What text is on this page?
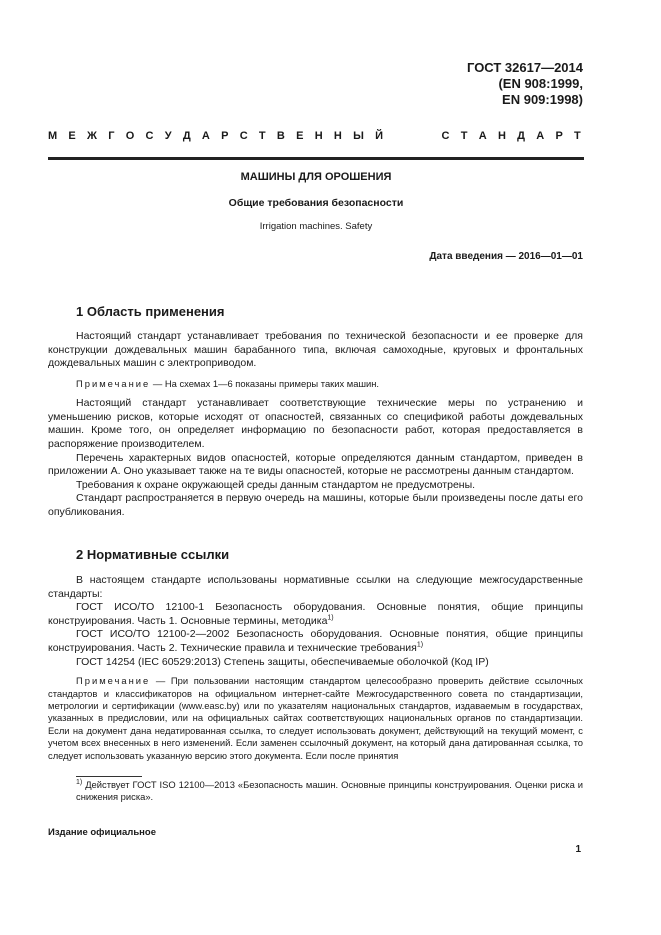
ГОСТ 32617—2014
(EN 908:1999,
EN 909:1998)
М Е Ж Г О С У Д А Р С Т В Е Н Н Ы Й	С Т А Н Д А Р Т
МАШИНЫ ДЛЯ ОРОШЕНИЯ
Общие требования безопасности
Irrigation machines. Safety
Дата введения — 2016—01—01
1 Область применения

Настоящий стандарт устанавливает требования по технической безопасности и ее проверке для конструкции дождевальных машин барабанного типа, включая самоходные, круговых и фронтальных дождевальных машин с электроприводом.

Примечание — На схемах 1—6 показаны примеры таких машин.

Настоящий стандарт устанавливает соответствующие технические меры по устранению и уменьшению рисков, которые исходят от опасностей, связанных со спецификой работы дождевальных машин. Кроме того, он определяет информацию по безопасности работ, которая предоставляется в распоряжение производителем.

Перечень характерных видов опасностей, которые определяются данным стандартом, приведен в приложении А. Оно указывает также на те виды опасностей, которые не рассмотрены данным стандартом.

Требования к охране окружающей среды данным стандартом не предусмотрены.

Стандарт распространяется в первую очередь на машины, которые были произведены после даты его опубликования.

2 Нормативные ссылки

В настоящем стандарте использованы нормативные ссылки на следующие межгосударственные стандарты:

ГОСТ ИСО/ТО 12100-1 Безопасность оборудования. Основные понятия, общие принципы конструирования. Часть 1. Основные термины, методика$^{1)}$

ГОСТ ИСО/ТО 12100-2—2002 Безопасность оборудования. Основные понятия, общие принципы конструирования. Часть 2. Технические правила и технические требования$^{1)}$

ГОСТ 14254 (IEC 60529:2013) Степень защиты, обеспечиваемые оболочкой (Код IP)

Примечание — При пользовании настоящим стандартом целесообразно проверить действие ссылочных стандартов и классификаторов на официальном интернет-сайте Межгосударственного совета по стандартизации, метрологии и сертификации (www.easc.by) или по указателям национальных стандартов, издаваемым в государствах, указанных в предисловии, или на официальных сайтах соответствующих национальных органов по стандартизации. Если на документ дана недатированная ссылка, то следует использовать документ, действующий на текущий момент, с учетом всех внесенных в него изменений. Если заменен ссылочный документ, на который дана датированная ссылка, то следует использовать указанную версию этого документа. Если после принятия

$^{1)}$ Действует ГОСТ ISO 12100—2013 «Безопасность машин. Основные принципы конструирования. Оценки риска и снижения риска».
Издание официальное
1
